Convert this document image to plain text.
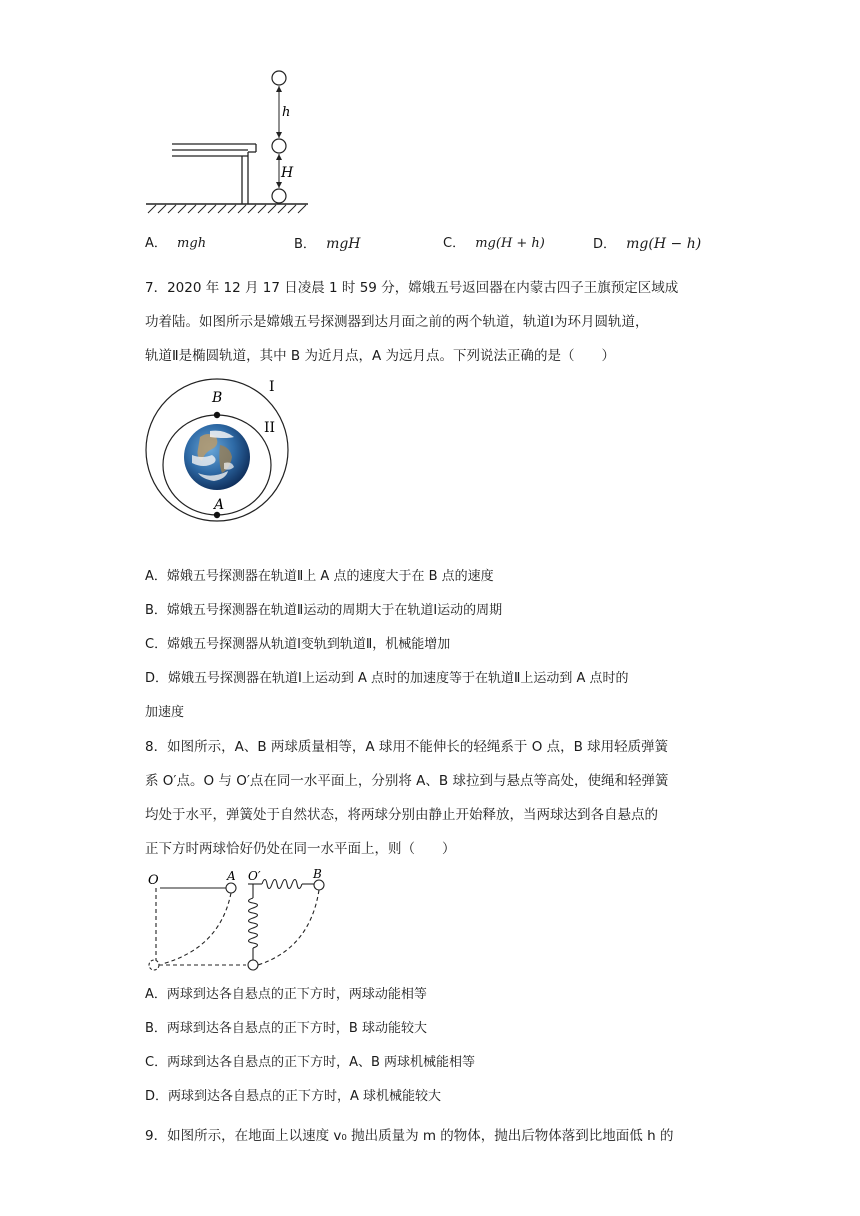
h
H
A． mgh	B． mgH	C． mg(H + h)	D． mg(H − h)
7．2020 年 12 月 17 日凌晨 1 时 59 分，嫦娥五号返回器在内蒙古四子王旗预定区域成
功着陆。如图所示是嫦娥五号探测器到达月面之前的两个轨道，轨道Ⅰ为环月圆轨道，
轨道Ⅱ是椭圆轨道，其中 B 为近月点，A 为远月点。下列说法正确的是（　　）
B
A
I
II
A．嫦娥五号探测器在轨道Ⅱ上 A 点的速度大于在 B 点的速度
B．嫦娥五号探测器在轨道Ⅱ运动的周期大于在轨道Ⅰ运动的周期
C．嫦娥五号探测器从轨道Ⅰ变轨到轨道Ⅱ，机械能增加
D．嫦娥五号探测器在轨道Ⅰ上运动到 A 点时的加速度等于在轨道Ⅱ上运动到 A 点时的
加速度
8．如图所示，A、B 两球质量相等，A 球用不能伸长的轻绳系于 O 点，B 球用轻质弹簧
系 O′点。O 与 O′点在同一水平面上，分别将 A、B 球拉到与悬点等高处，使绳和轻弹簧
均处于水平，弹簧处于自然状态，将两球分别由静止开始释放，当两球达到各自悬点的
正下方时两球恰好仍处在同一水平面上，则（　　）
O	A O′	B
A．两球到达各自悬点的正下方时，两球动能相等
B．两球到达各自悬点的正下方时，B 球动能较大
C．两球到达各自悬点的正下方时，A、B 两球机械能相等
D．两球到达各自悬点的正下方时，A 球机械能较大
9．如图所示，在地面上以速度 v₀ 抛出质量为 m 的物体，抛出后物体落到比地面低 h 的
